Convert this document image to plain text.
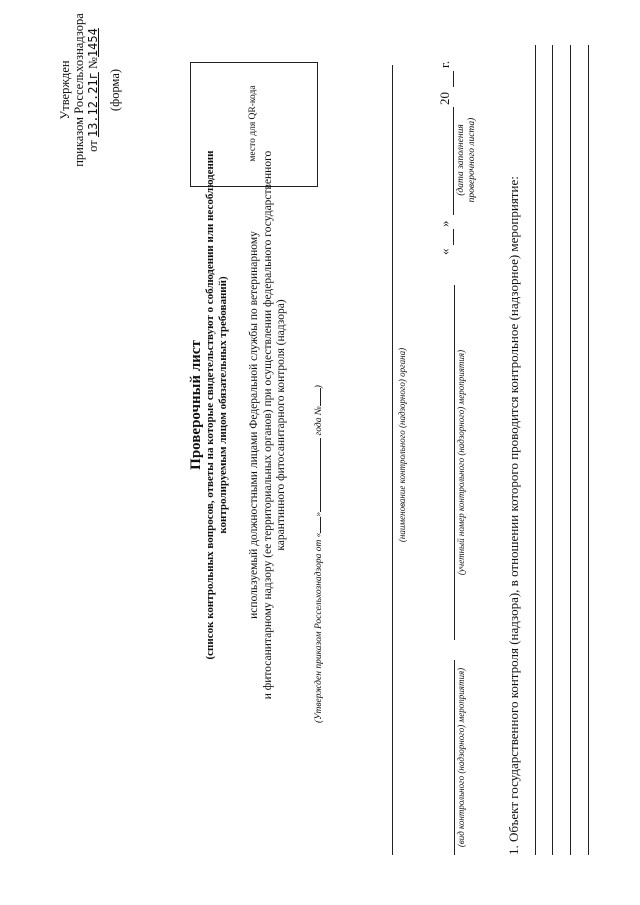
Утвержден приказом Россельхознадзора от 13.12.21г №1454
(форма)	место для QR-кода
Проверочный лист (список контрольных вопросов, ответы на которые свидетельствуют о соблюдении или несоблюдении контролируемым лицом обязательных требований) используемый должностными лицами Федеральной службы по ветеринарному и фитосанитарному надзору (ее территориальных органов) при осуществлении федерального государственного карантинного фитосанитарного контроля (надзора)
(Утвержден приказом Россельхознадзора от «» года №)	(наименование контрольного (надзорного) органа)
(вид контрольного (надзорного) мероприятия)
(учетный номер контрольного (надзорного) мероприятия)
«
»
20
г.
(дата заполнения проверочного листа)
1. Объект государственного контроля (надзора), в отношении которого проводится контрольное (надзорное) мероприятие:
